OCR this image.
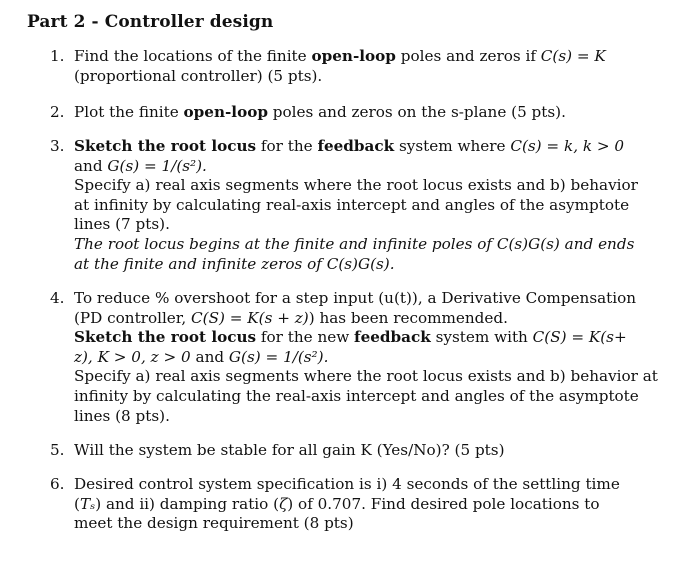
Part 2 - Controller design
1. Find the locations of the finite open-loop poles and zeros if C(s) = K
(proportional controller) (5 pts).
2. Plot the finite open-loop poles and zeros on the s-plane (5 pts).
3. Sketch the root locus for the feedback system where C(s) = k, k > 0
and G(s) = 1/(s²).
Specify a) real axis segments where the root locus exists and b) behavior
at infinity by calculating real-axis intercept and angles of the asymptote
lines (7 pts).
The root locus begins at the finite and infinite poles of C(s)G(s) and ends
at the finite and infinite zeros of C(s)G(s).
4. To reduce % overshoot for a step input (u(t)), a Derivative Compensation
(PD controller, C(S) = K(s + z)) has been recommended.
Sketch the root locus for the new feedback system with C(S) = K(s+
z), K > 0, z > 0 and G(s) = 1/(s²).
Specify a) real axis segments where the root locus exists and b) behavior at
infinity by calculating the real-axis intercept and angles of the asymptote
lines (8 pts).
5. Will the system be stable for all gain K (Yes/No)? (5 pts)
6. Desired control system specification is i) 4 seconds of the settling time
(Tₛ) and ii) damping ratio (ζ) of 0.707. Find desired pole locations to
meet the design requirement (8 pts)
